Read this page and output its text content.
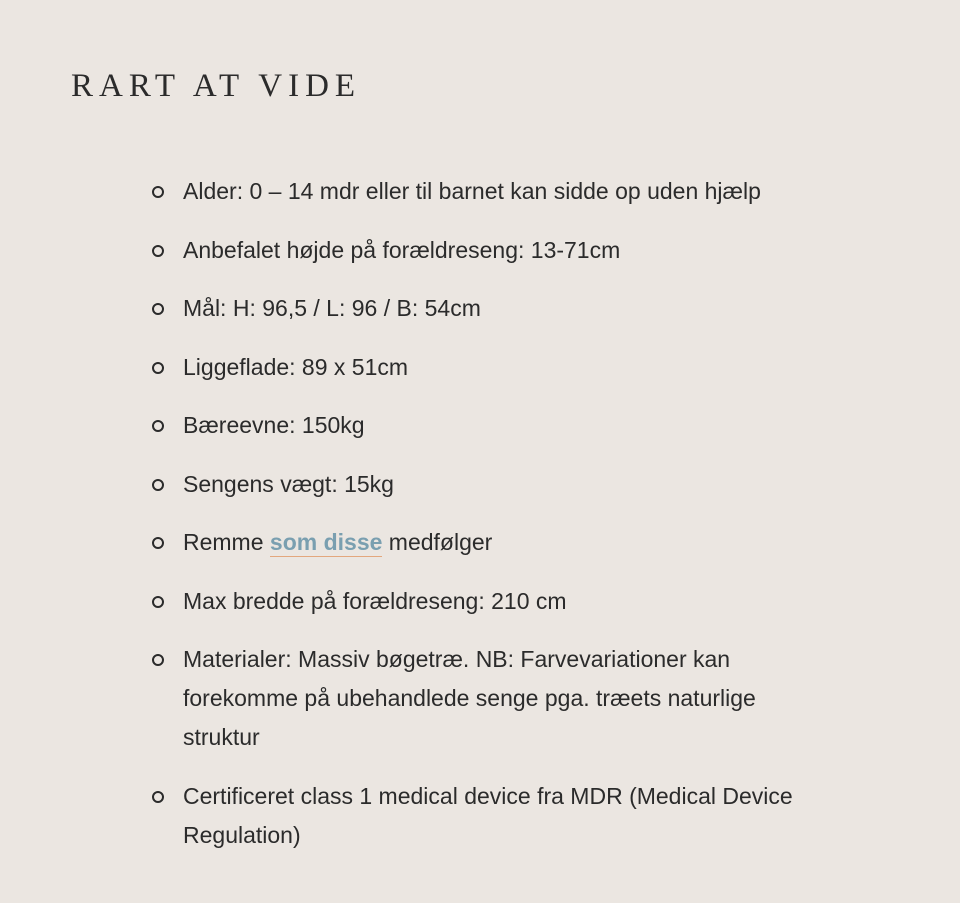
RART AT VIDE
Alder: 0 – 14 mdr eller til barnet kan sidde op uden hjælp
Anbefalet højde på forældreseng: 13-71cm
Mål: H: 96,5 / L: 96 / B: 54cm
Liggeflade: 89 x 51cm
Bæreevne: 150kg
Sengens vægt: 15kg
Remme som disse medfølger
Max bredde på forældreseng: 210 cm
Materialer: Massiv bøgetræ. NB: Farvevariationer kan forekomme på ubehandlede senge pga. træets naturlige struktur
Certificeret class 1 medical device fra MDR (Medical Device Regulation)
